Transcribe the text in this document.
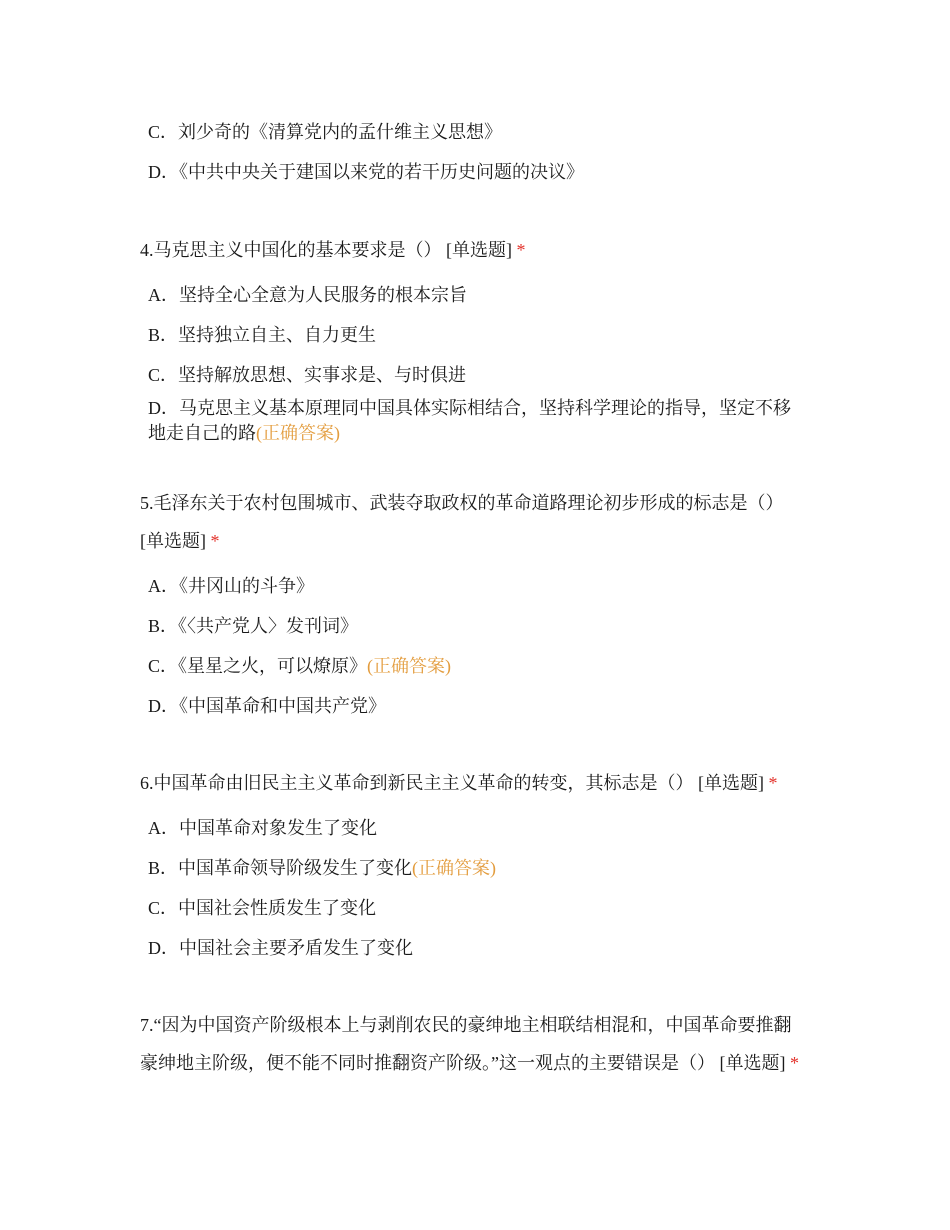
C．刘少奇的《清算党内的孟什维主义思想》

D．《中共中央关于建国以来党的若干历史问题的决议》

4.马克思主义中国化的基本要求是（） [单选题] *

A．坚持全心全意为人民服务的根本宗旨

B．坚持独立自主、自力更生

C．坚持解放思想、实事求是、与时俱进

D．马克思主义基本原理同中国具体实际相结合，坚持科学理论的指导，坚定不移地走自己的路(正确答案)

5.毛泽东关于农村包围城市、武装夺取政权的革命道路理论初步形成的标志是（） [单选题] *

A．《井冈山的斗争》

B．《〈共产党人〉发刊词》

C．《星星之火，可以燎原》(正确答案)

D．《中国革命和中国共产党》

6.中国革命由旧民主主义革命到新民主主义革命的转变，其标志是（） [单选题] *

A．中国革命对象发生了变化

B．中国革命领导阶级发生了变化(正确答案)

C．中国社会性质发生了变化

D．中国社会主要矛盾发生了变化

7.“因为中国资产阶级根本上与剥削农民的豪绅地主相联结相混和，中国革命要推翻豪绅地主阶级，便不能不同时推翻资产阶级。”这一观点的主要错误是（） [单选题] *
